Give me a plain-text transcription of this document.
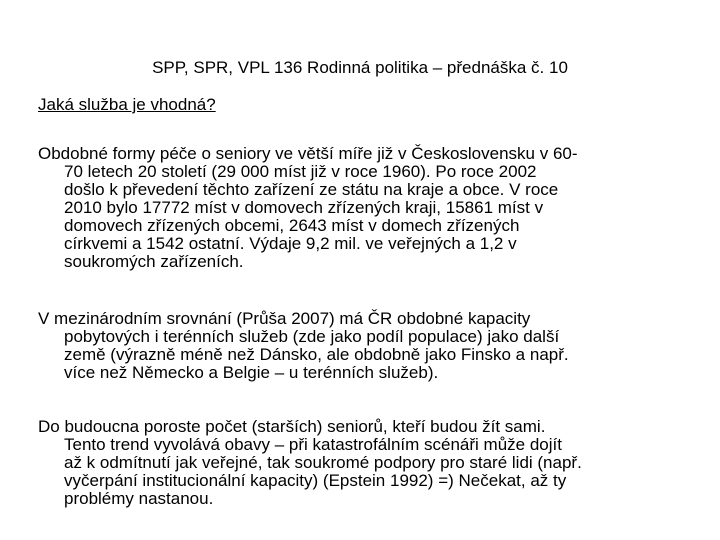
SPP, SPR, VPL 136 Rodinná politika – přednáška č. 10
Jaká služba je vhodná?
Obdobné formy péče o seniory ve větší míře již v Československu v 60-
70 letech 20 století (29 000 míst již v roce 1960). Po roce 2002
došlo k převedení těchto zařízení ze státu na kraje a obce. V roce
2010 bylo 17772 míst v domovech zřízených kraji, 15861 míst v
domovech zřízených obcemi, 2643 míst v domech zřízených
církvemi a 1542 ostatní. Výdaje 9,2 mil. ve veřejných a 1,2 v
soukromých zařízeních.
V mezinárodním srovnání (Průša 2007) má ČR obdobné kapacity
pobytových i terénních služeb (zde jako podíl populace) jako další
země (výrazně méně než Dánsko, ale obdobně jako Finsko a např.
více než Německo a Belgie – u terénních služeb).
Do budoucna poroste počet (starších) seniorů, kteří budou žít sami.
Tento trend vyvolává obavy – při katastrofálním scénáři může dojít
až k odmítnutí jak veřejné, tak soukromé podpory pro staré lidi (např.
vyčerpání institucionální kapacity) (Epstein 1992) =) Nečekat, až ty
problémy nastanou.
